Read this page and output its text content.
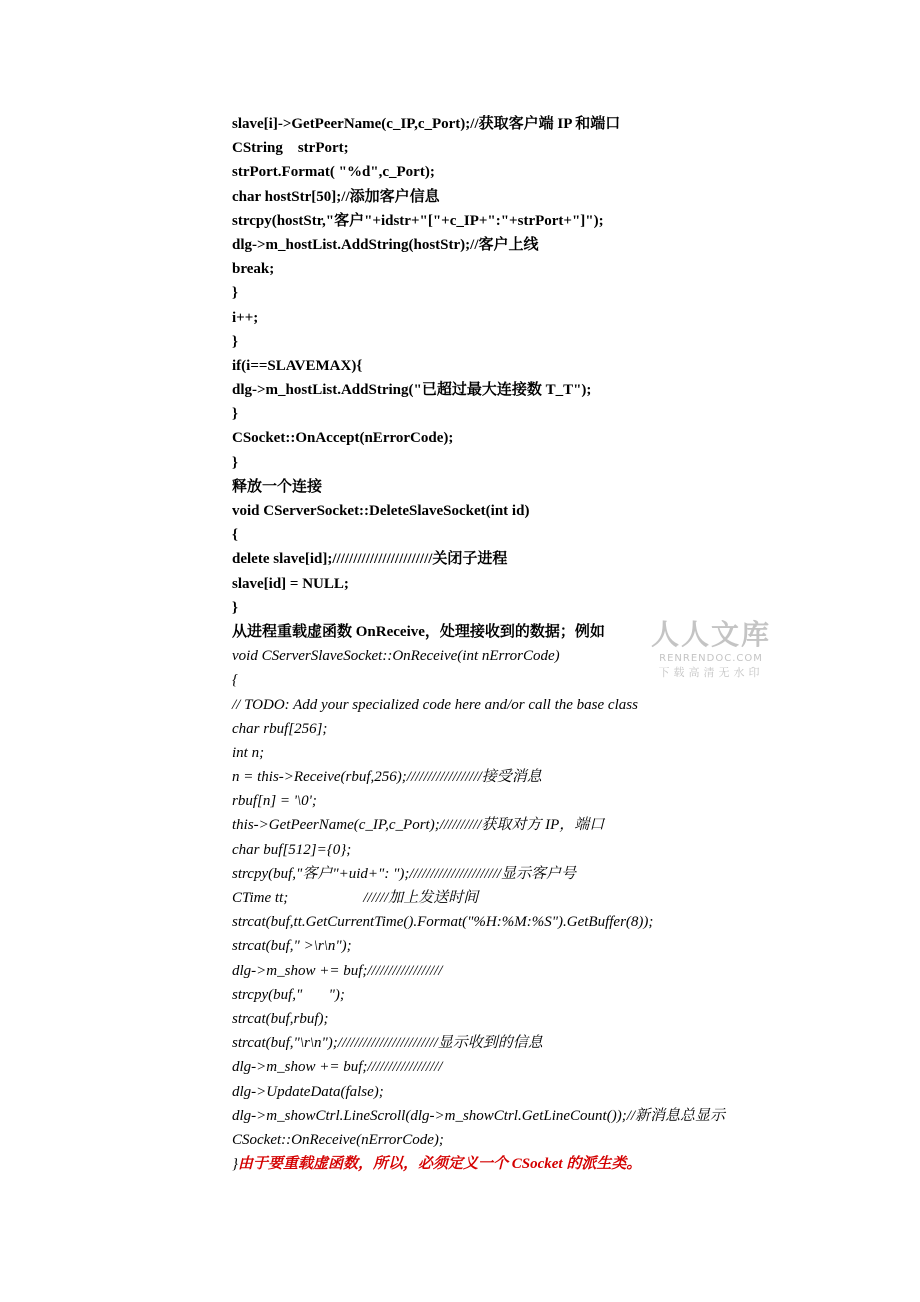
slave[i]->GetPeerName(c_IP,c_Port);//获取客户端 IP 和端口
CString    strPort;
strPort.Format( "%d",c_Port);
char hostStr[50];//添加客户信息
strcpy(hostStr,"客户"+idstr+"["+c_IP+":"+strPort+"]");
dlg->m_hostList.AddString(hostStr);//客户上线
break;
}
i++;
}
if(i==SLAVEMAX){
dlg->m_hostList.AddString("已超过最大连接数 T_T");
}
CSocket::OnAccept(nErrorCode);
}
释放一个连接
void CServerSocket::DeleteSlaveSocket(int id)
{
delete slave[id];////////////////////////关闭子进程
slave[id] = NULL;
}
从进程重载虚函数 OnReceive，处理接收到的数据；例如
void CServerSlaveSocket::OnReceive(int nErrorCode)
{
// TODO: Add your specialized code here and/or call the base class
char rbuf[256];
int n;
n = this->Receive(rbuf,256);//////////////////接受消息
rbuf[n] = '\0';
this->GetPeerName(c_IP,c_Port);//////////获取对方 IP，端口
char buf[512]={0};
strcpy(buf,"客户"+uid+": ");//////////////////////显示客户号
CTime tt;                    //////加上发送时间
strcat(buf,tt.GetCurrentTime().Format("%H:%M:%S").GetBuffer(8));
strcat(buf," >\r\n");
dlg->m_show += buf;//////////////////
strcpy(buf,"       ");
strcat(buf,rbuf);
strcat(buf,"\r\n");////////////////////////显示收到的信息
dlg->m_show += buf;//////////////////
dlg->UpdateData(false);
dlg->m_showCtrl.LineScroll(dlg->m_showCtrl.GetLineCount());//新消息总显示
CSocket::OnReceive(nErrorCode);
}由于要重载虚函数，所以，必须定义一个 CSocket 的派生类。
人人文库
RENRENDOC.COM
下载高清无水印
